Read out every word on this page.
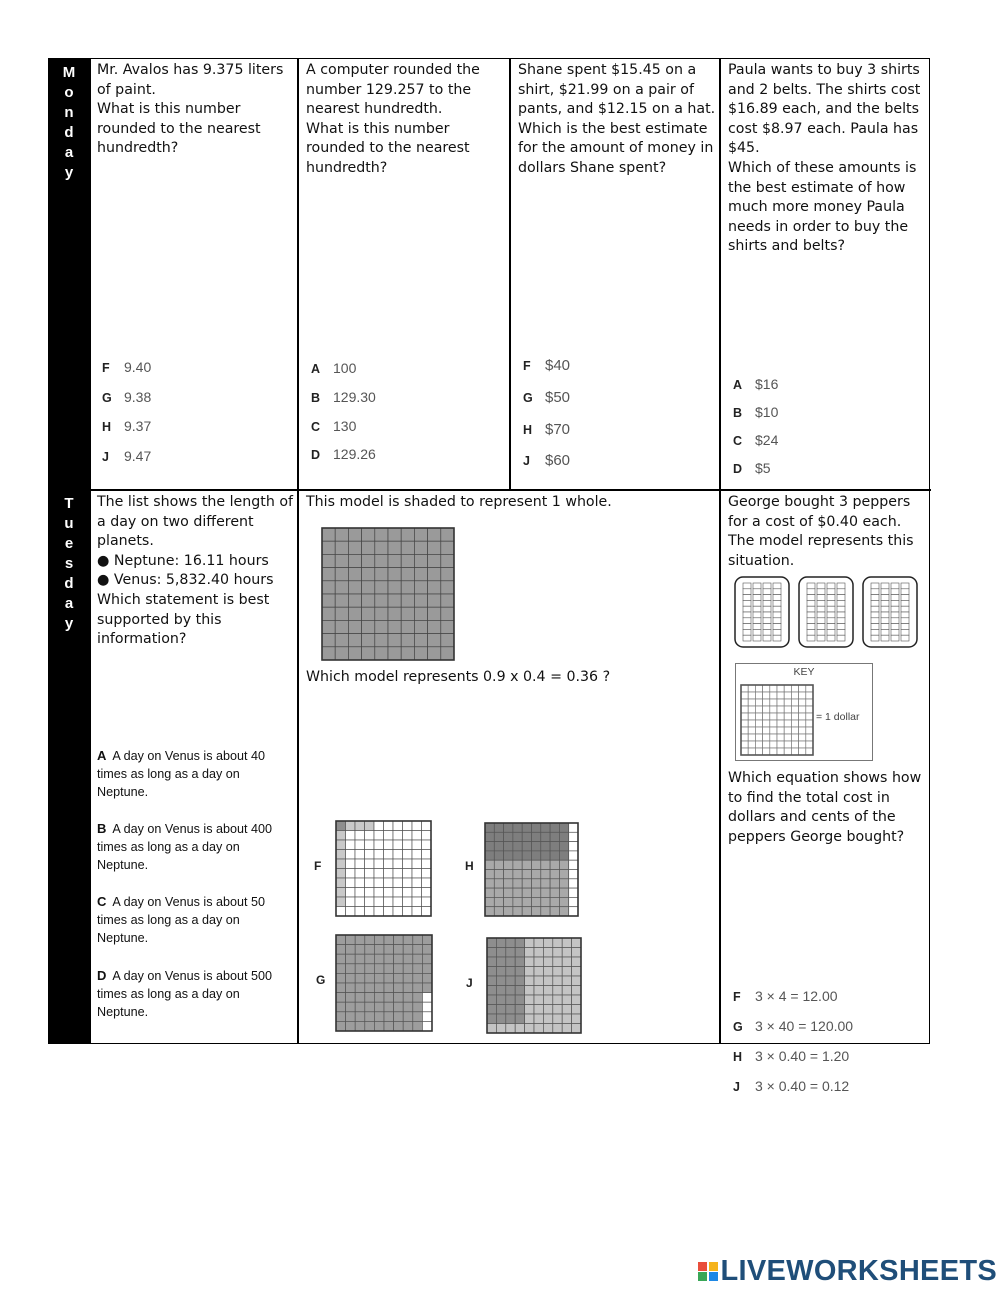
M
o
n
d
a
y
T
u
e
s
d
a
y
Mr. Avalos has 9.375 liters of paint.
What is this number rounded to the nearest hundredth?
F 9.40
G 9.38
H 9.37
J 9.47
A computer rounded the number 129.257 to the nearest hundredth.
What is this number rounded to the nearest hundredth?
A 100
B 129.30
C 130
D 129.26
Shane spent $15.45 on a shirt, $21.99 on a pair of pants, and $12.15 on a hat. Which is the best estimate for the amount of money in dollars Shane spent?
F $40
G $50
H $70
J $60
Paula wants to buy 3 shirts and 2 belts. The shirts cost $16.89 each, and the belts cost $8.97 each. Paula has $45.
Which of these amounts is the best estimate of how much more money Paula needs in order to buy the shirts and belts?
A $16
B $10
C $24
D $5
The list shows the length of a day on two different planets.
● Neptune: 16.11 hours
● Venus: 5,832.40 hours
Which statement is best supported by this information?
A A day on Venus is about 40 times as long as a day on Neptune.
B A day on Venus is about 400 times as long as a day on Neptune.
C A day on Venus is about 50 times as long as a day on Neptune.
D A day on Venus is about 500 times as long as a day on Neptune.
This model is shaded to represent 1 whole.
Which model represents 0.9 x 0.4 = 0.36 ?
F	H
G	J
George bought 3 peppers for a cost of $0.40 each. The model represents this situation.
KEY
= 1 dollar
Which equation shows how to find the total cost in dollars and cents of the peppers George bought?
F 3 × 4 = 12.00
G 3 × 40 = 120.00
H 3 × 0.40 = 1.20
J 3 × 0.40 = 0.12
LIVEWORKSHEETS
